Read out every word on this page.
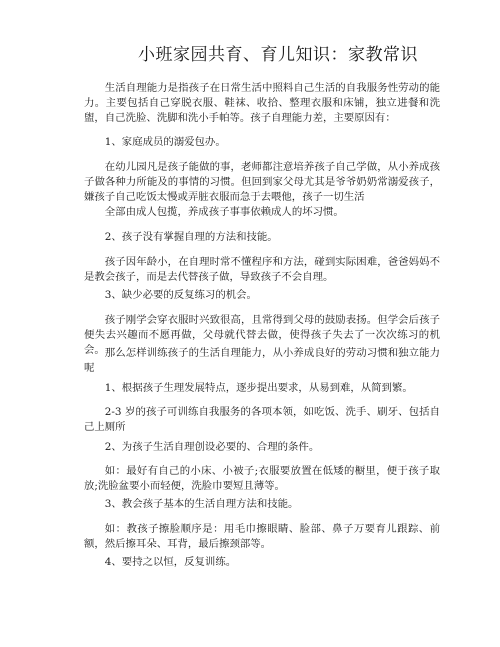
小班家园共育、育儿知识：家教常识

生活自理能力是指孩子在日常生活中照料自己生活的自我服务性劳动的能力。主要包括自己穿脱衣服、鞋袜、收拾、整理衣服和床铺，独立进餐和洗盥，自己洗脸、洗脚和洗小手帕等。孩子自理能力差，主要原因有：

1、家庭成员的溺爱包办。

在幼儿园凡是孩子能做的事，老师都注意培养孩子自己学做，从小养成孩子做各种力所能及的事情的习惯。但回到家父母尤其是爷爷奶奶常溺爱孩子，嫌孩子自己吃饭太慢或弄脏衣服而急于去喂他，孩子一切生活

全部由成人包揽，养成孩子事事依赖成人的坏习惯。

2、孩子没有掌握自理的方法和技能。

孩子因年龄小，在自理时常不懂程序和方法，碰到实际困难，爸爸妈妈不是教会孩子，而是去代替孩子做，导致孩子不会自理。

3、缺少必要的反复练习的机会。

孩子刚学会穿衣服时兴致很高，且常得到父母的鼓励表扬。但学会后孩子便失去兴趣而不愿再做，父母就代替去做，使得孩子失去了一次次练习的机会。 那么怎样训练孩子的生活自理能力，从小养成良好的劳动习惯和独立能力呢

1、根据孩子生理发展特点，逐步提出要求，从易到难，从简到繁。

2-3 岁的孩子可训练自我服务的各项本领，如吃饭、洗手、刷牙、包括自己上厕所

2、为孩子生活自理创设必要的、合理的条件。

如：最好有自己的小床、小被子;衣服要放置在低矮的橱里，便于孩子取放;洗脸盆要小而轻便，洗脸巾要短且薄等。

3、教会孩子基本的生活自理方法和技能。

如：教孩子擦脸顺序是：用毛巾擦眼睛、脸部、鼻子万要育儿跟踪、前额，然后擦耳朵、耳背，最后擦颈部等。

4、要持之以恒，反复训练。
